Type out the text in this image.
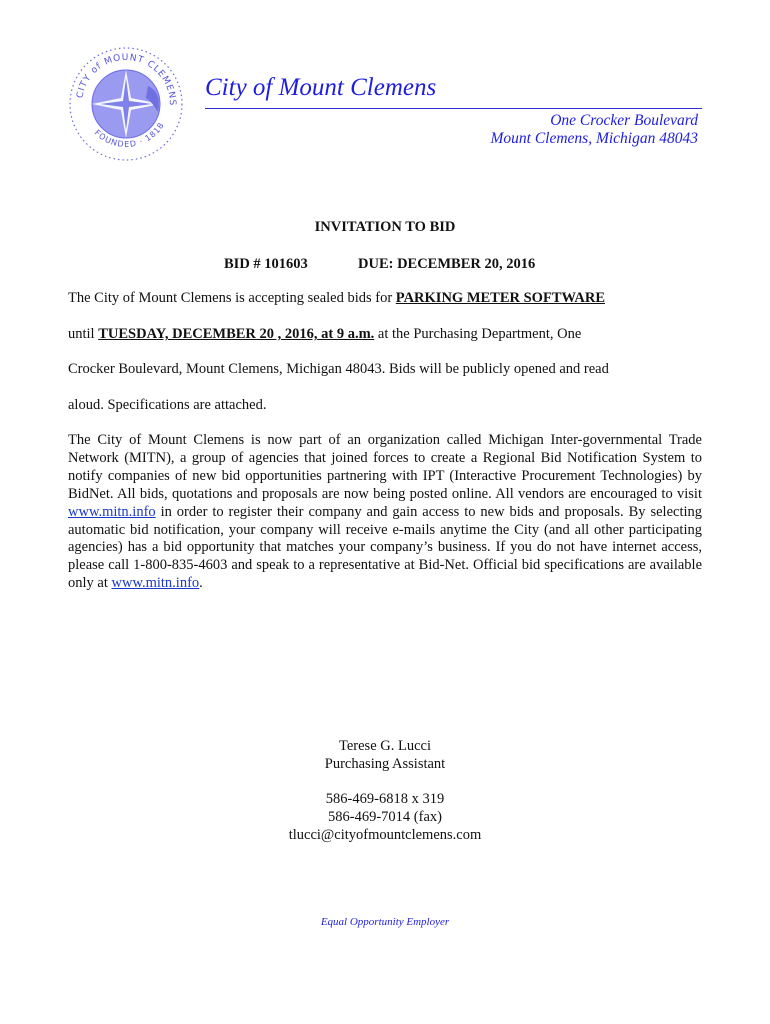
CITY of MOUNT CLEMENS
FOUNDED · 1818
City of Mount Clemens
One Crocker Boulevard
Mount Clemens, Michigan 48043
INVITATION TO BID
BID # 101603	DUE: DECEMBER 20, 2016
The City of Mount Clemens is accepting sealed bids for PARKING METER SOFTWARE
until TUESDAY, DECEMBER 20 , 2016, at 9 a.m. at the Purchasing Department, One
Crocker Boulevard, Mount Clemens, Michigan 48043. Bids will be publicly opened and read
aloud. Specifications are attached.
The City of Mount Clemens is now part of an organization called Michigan Inter-governmental Trade Network (MITN), a group of agencies that joined forces to create a Regional Bid Notification System to notify companies of new bid opportunities partnering with IPT (Interactive Procurement Technologies) by BidNet. All bids, quotations and proposals are now being posted online. All vendors are encouraged to visit www.mitn.info in order to register their company and gain access to new bids and proposals. By selecting automatic bid notification, your company will receive e-mails anytime the City (and all other participating agencies) has a bid opportunity that matches your company’s business. If you do not have internet access, please call 1-800-835-4603 and speak to a representative at Bid-Net. Official bid specifications are available only at www.mitn.info.
Terese G. Lucci
Purchasing Assistant
586-469-6818 x 319
586-469-7014 (fax)
tlucci@cityofmountclemens.com
Equal Opportunity Employer
